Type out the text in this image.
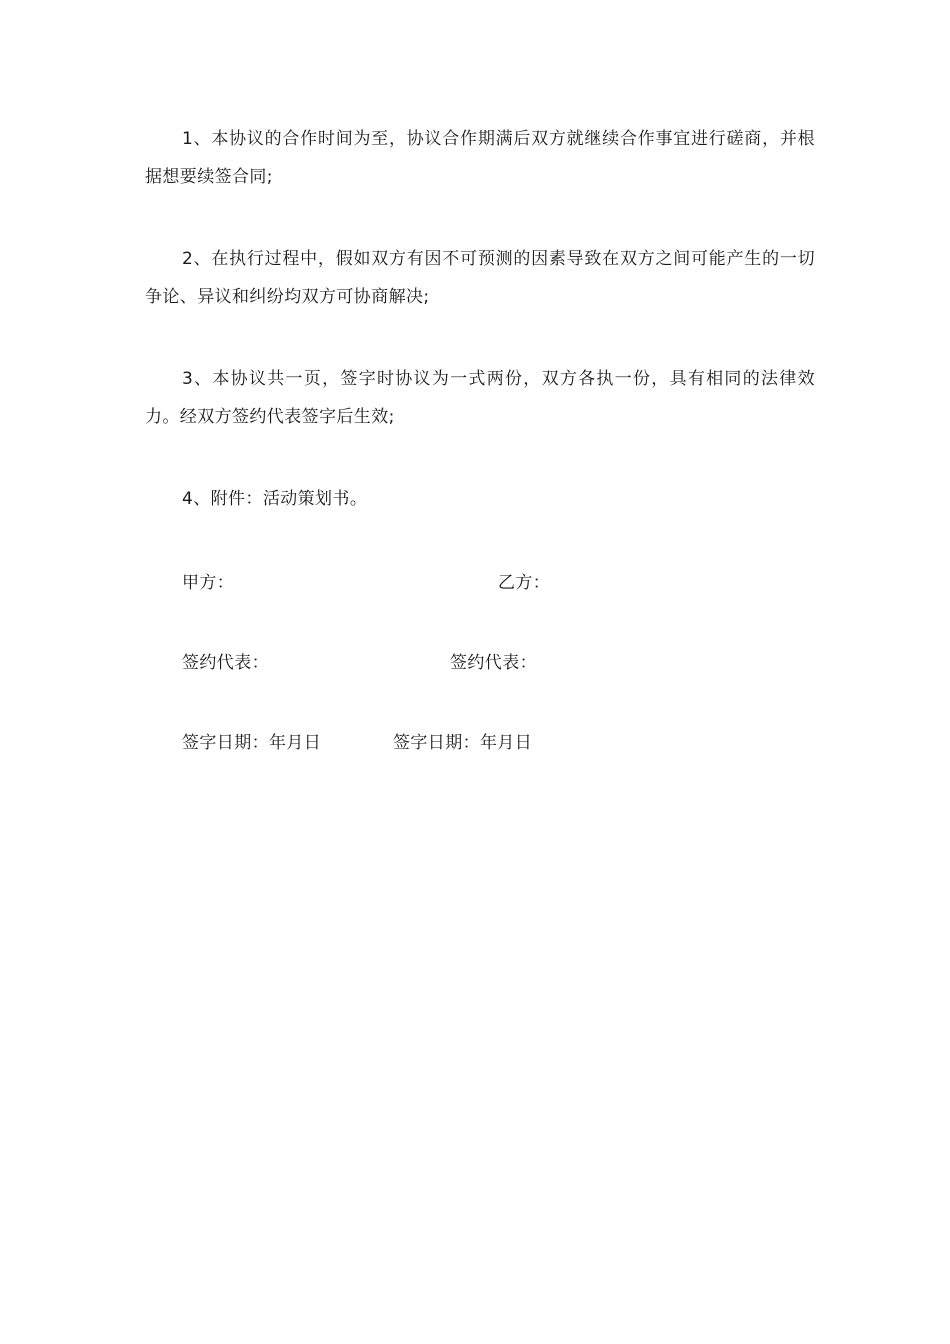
1、本协议的合作时间为至，协议合作期满后双方就继续合作事宜进行磋商，并根据想要续签合同;

2、在执行过程中，假如双方有因不可预测的因素导致在双方之间可能产生的一切争论、异议和纠纷均双方可协商解决;

3、本协议共一页，签字时协议为一式两份，双方各执一份，具有相同的法律效力。经双方签约代表签字后生效;

4、附件：活动策划书。

甲方：	乙方：
签约代表：	签约代表：
签字日期：年月日	签字日期：年月日
